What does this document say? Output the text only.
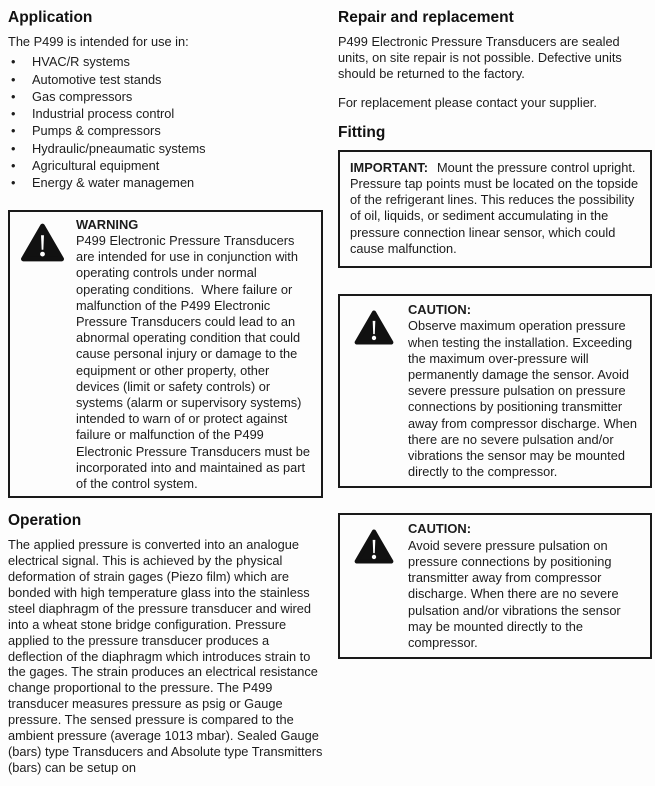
Application

The P499 is intended for use in:

•	HVAC/R systems
•	Automotive test stands
•	Gas compressors
•	Industrial process control
•	Pumps & compressors
•	Hydraulic/pneaumatic systems
•	Agricultural equipment
•	Energy & water managemen
WARNING

P499 Electronic Pressure Transducers are intended for use in conjunction with operating controls under normal operating conditions.  Where failure or malfunction of the P499 Electronic Pressure Transducers could lead to an abnormal operating condition that could cause personal injury or damage to the equipment or other property, other devices (limit or safety controls) or systems (alarm or supervisory systems) intended to warn of or protect against failure or malfunction of the P499 Electronic Pressure Transducers must be incorporated into and maintained as part of the control system.

Operation

The applied pressure is converted into an analogue electrical signal. This is achieved by the physical deformation of strain gages (Piezo film) which are bonded with high temperature glass into the stainless steel diaphragm of the pressure transducer and wired into a wheat stone bridge configuration. Pressure applied to the pressure transducer produces a deflection of the diaphragm which introduces strain to the gages. The strain produces an electrical resistance change proportional to the pressure. The P499 transducer measures pressure as psig or Gauge pressure. The sensed pressure is compared to the ambient pressure (average 1013 mbar). Sealed Gauge (bars) type Transducers and Absolute type Transmitters (bars) can be setup on

Repair and replacement

P499 Electronic Pressure Transducers are sealed units, on site repair is not possible. Defective units should be returned to the factory.

For replacement please contact your supplier.

Fitting

IMPORTANT: Mount the pressure control upright. Pressure tap points must be located on the topside of the refrigerant lines. This reduces the possibility of oil, liquids, or sediment accumulating in the pressure connection linear sensor, which could cause malfunction.

CAUTION:

Observe maximum operation pressure when testing the installation. Exceeding the maximum over-pressure will permanently damage the sensor. Avoid severe pressure pulsation on pressure connections by positioning transmitter away from compressor discharge. When there are no severe pulsation and/or vibrations the sensor may be mounted directly to the compressor.

CAUTION:

Avoid severe pressure pulsation on pressure connections by positioning transmitter away from compressor discharge. When there are no severe pulsation and/or vibrations the sensor may be mounted directly to the compressor.
